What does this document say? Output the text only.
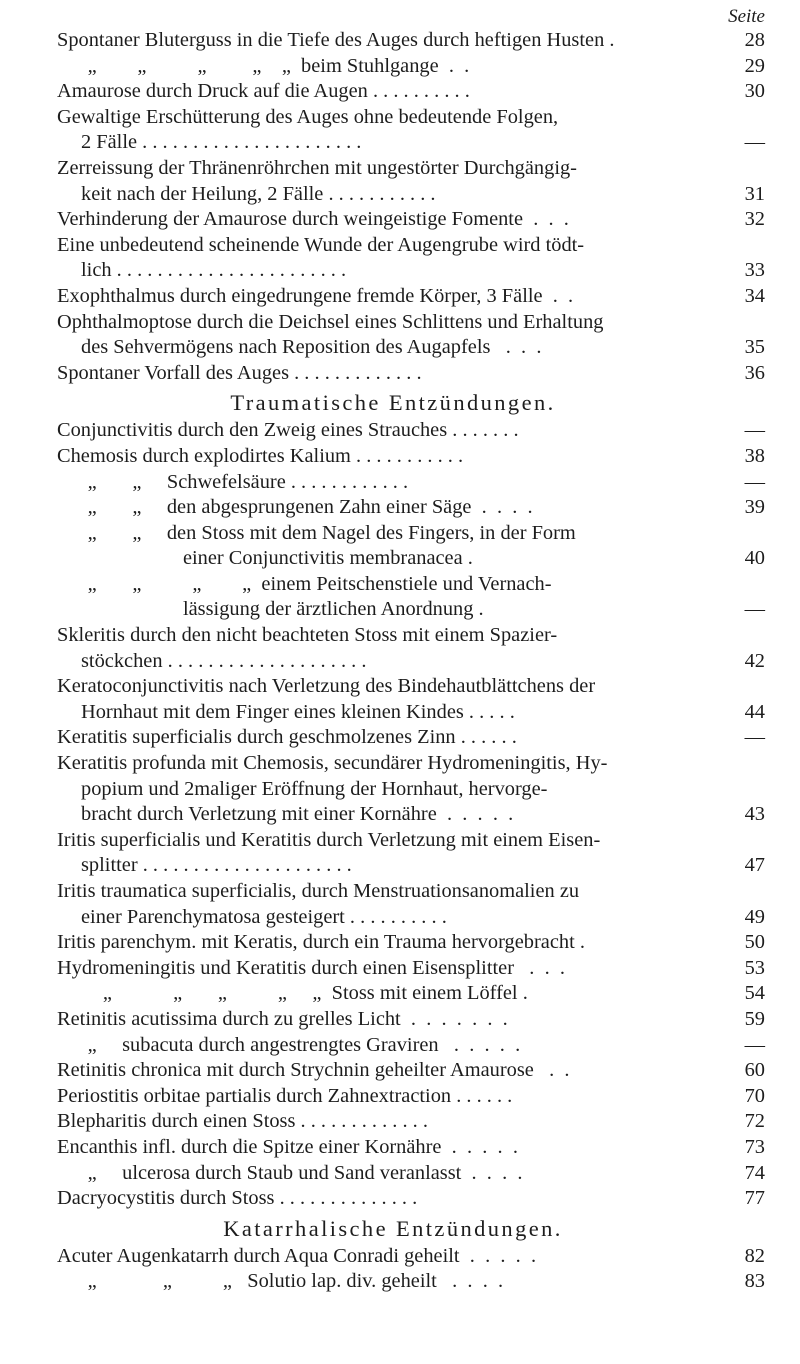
Seite
Spontaner Bluterguss in die Tiefe des Auges durch heftigen Husten .	28
„        „          „         „    „  beim Stuhlgange  .  .	29
Amaurose durch Druck auf die Augen . . . . . . . . . .	30
Gewaltige Erschütterung des Auges ohne bedeutende Folgen,
2 Fälle . . . . . . . . . . . . . . . . . . . . . .	—
Zerreissung der Thränenröhrchen mit ungestörter Durchgängig-
keit nach der Heilung, 2 Fälle . . . . . . . . . . .	31
Verhinderung der Amaurose durch weingeistige Fomente  .  .  .	32
Eine unbedeutend scheinende Wunde der Augengrube wird tödt-
lich . . . . . . . . . . . . . . . . . . . . . . .	33
Exophthalmus durch eingedrungene fremde Körper, 3 Fälle  .  .	34
Ophthalmoptose durch die Deichsel eines Schlittens und Erhaltung
des Sehvermögens nach Reposition des Augapfels   .  .  .	35
Spontaner Vorfall des Auges . . . . . . . . . . . . .	36
Traumatische Entzündungen.
Conjunctivitis durch den Zweig eines Strauches . . . . . . .	—
Chemosis durch explodirtes Kalium . . . . . . . . . . .	38
„       „     Schwefelsäure . . . . . . . . . . . .	—
„       „     den abgesprungenen Zahn einer Säge  .  .  .  .	39
„       „     den Stoss mit dem Nagel des Fingers, in der Form
einer Conjunctivitis membranacea .	40
„       „          „        „  einem Peitschenstiele und Vernach-
lässigung der ärztlichen Anordnung .	—
Skleritis durch den nicht beachteten Stoss mit einem Spazier-
stöckchen . . . . . . . . . . . . . . . . . . . .	42
Keratoconjunctivitis nach Verletzung des Bindehautblättchens der
Hornhaut mit dem Finger eines kleinen Kindes . . . . .	44
Keratitis superficialis durch geschmolzenes Zinn . . . . . .	—
Keratitis profunda mit Chemosis, secundärer Hydromeningitis, Hy-
popium und 2maliger Eröffnung der Hornhaut, hervorge-
bracht durch Verletzung mit einer Kornähre  .  .  .  .  .	43
Iritis superficialis und Keratitis durch Verletzung mit einem Eisen-
splitter . . . . . . . . . . . . . . . . . . . . .	47
Iritis traumatica superficialis, durch Menstruationsanomalien zu
einer Parenchymatosa gesteigert . . . . . . . . . .	49
Iritis parenchym. mit Keratis, durch ein Trauma hervorgebracht .	50
Hydromeningitis und Keratitis durch einen Eisensplitter   .  .  .	53
„            „       „          „     „  Stoss mit einem Löffel .	54
Retinitis acutissima durch zu grelles Licht  .  .  .  .  .  .  .	59
„     subacuta durch angestrengtes Graviren   .  .  .  .  .	—
Retinitis chronica mit durch Strychnin geheilter Amaurose   .  .	60
Periostitis orbitae partialis durch Zahnextraction . . . . . .	70
Blepharitis durch einen Stoss . . . . . . . . . . . . .	72
Encanthis infl. durch die Spitze einer Kornähre  .  .  .  .  .	73
„     ulcerosa durch Staub und Sand veranlasst  .  .  .  .	74
Dacryocystitis durch Stoss . . . . . . . . . . . . . .	77
Katarrhalische Entzündungen.
Acuter Augenkatarrh durch Aqua Conradi geheilt  .  .  .  .  .	82
„             „          „   Solutio lap. div. geheilt   .  .  .  .	83
